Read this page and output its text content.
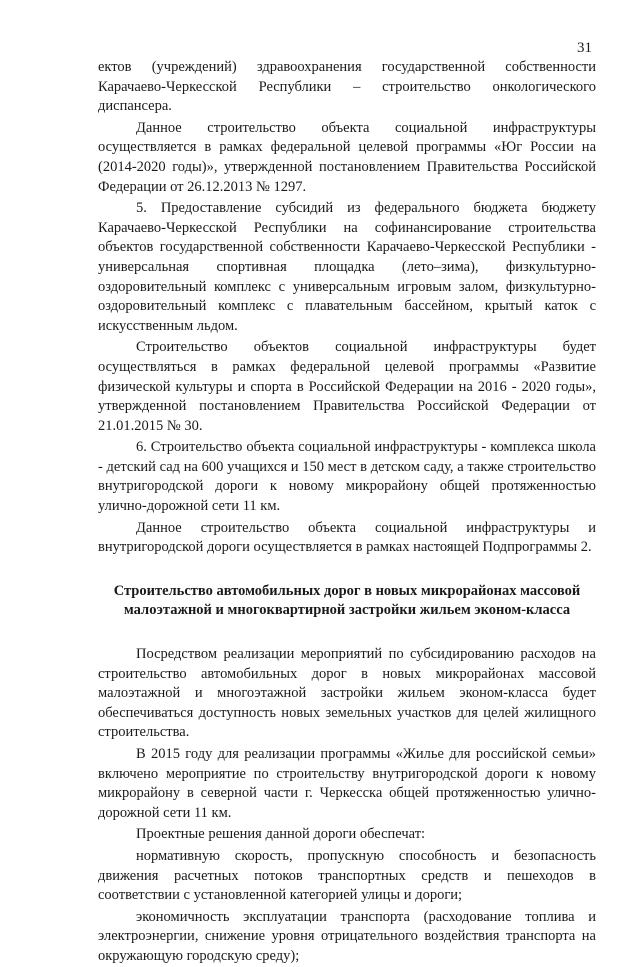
31

ектов (учреждений) здравоохранения государственной собственности Карачаево-Черкесской Республики – строительство онкологического диспансера.

Данное строительство объекта социальной инфраструктуры осуществляется в рамках федеральной целевой программы «Юг России на (2014-2020 годы)», утвержденной постановлением Правительства Российской Федерации от 26.12.2013 № 1297.

5. Предоставление субсидий из федерального бюджета бюджету Карачаево-Черкесской Республики на софинансирование строительства объектов государственной собственности Карачаево-Черкесской Республики - универсальная спортивная площадка (лето–зима), физкультурно-оздоровительный комплекс с универсальным игровым залом, физкультурно-оздоровительный комплекс с плавательным бассейном, крытый каток с искусственным льдом.

Строительство объектов социальной инфраструктуры будет осуществляться в рамках федеральной целевой программы «Развитие физической культуры и спорта в Российской Федерации на 2016 - 2020 годы», утвержденной постановлением Правительства Российской Федерации от 21.01.2015 № 30.

6. Строительство объекта социальной инфраструктуры - комплекса школа - детский сад на 600 учащихся и 150 мест в детском саду, а также строительство внутригородской дороги к новому микрорайону общей протяженностью улично-дорожной сети 11 км.

Данное строительство объекта социальной инфраструктуры и внутригородской дороги осуществляется в рамках настоящей Подпрограммы 2.

Строительство автомобильных дорог в новых микрорайонах массовой малоэтажной и многоквартирной застройки жильем эконом-класса

Посредством реализации мероприятий по субсидированию расходов на строительство автомобильных дорог в новых микрорайонах массовой малоэтажной и многоэтажной застройки жильем эконом-класса будет обеспечиваться доступность новых земельных участков для целей жилищного строительства.

В 2015 году для реализации программы «Жилье для российской семьи» включено мероприятие по строительству внутригородской дороги к новому микрорайону в северной части г. Черкесска общей протяженностью улично-дорожной сети 11 км.

Проектные решения данной дороги обеспечат:

нормативную скорость, пропускную способность и безопасность движения расчетных потоков транспортных средств и пешеходов в соответствии с установленной категорией улицы и дороги;

экономичность эксплуатации транспорта (расходование топлива и электроэнергии, снижение уровня отрицательного воздействия транспорта на окружающую городскую среду);
